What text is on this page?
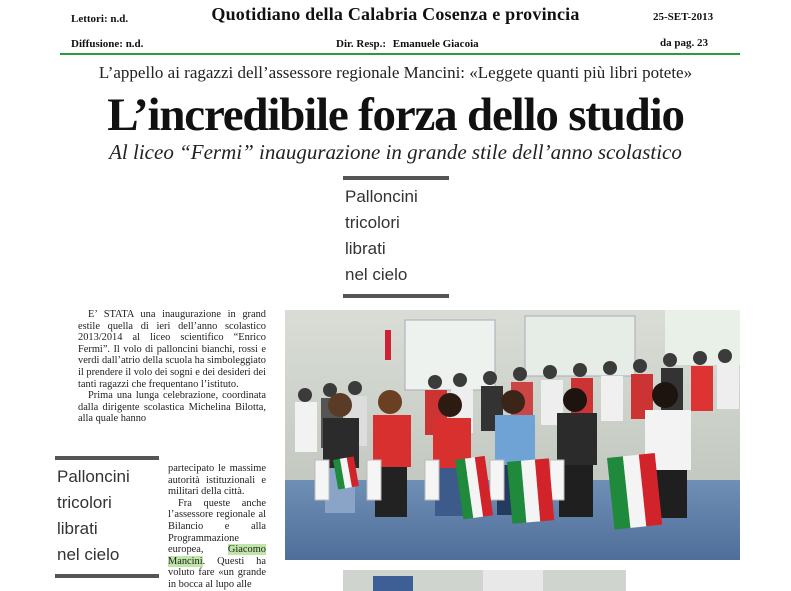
Lettori: n.d.	Quotidiano della Calabria Cosenza e provincia	25-SET-2013
Diffusione: n.d.	Dir. Resp.: Emanuele Giacoia	da pag. 23
L’appello ai ragazzi dell’assessore regionale Mancini: «Leggete quanti più libri potete»
L’incredibile forza dello studio
Al liceo “Fermi” inaugurazione in grande stile dell’anno scolastico
Palloncini
tricolori
librati
nel cielo
Palloncini
tricolori
librati
nel cielo

E’ STATA una inaugurazione in grand estile quella di ieri dell’anno scolastico 2013/2014 al liceo scientifico “Enrico Fermi”. Il volo di palloncini bianchi, rossi e verdi dall’atrio della scuola ha simboleggiato il prendere il volo dei sogni e dei desideri dei tanti ragazzi che frequentano l’istituto.

Prima una lunga celebrazione, coordinata dalla dirigente scolastica Michelina Bilotta, alla quale hanno

partecipato le massime autorità istituzionali e militari della città.

Fra queste anche l’assessore regionale al Bilancio e alla Programmazione europea, Giacomo Mancini. Questi ha voluto fare «un grande in bocca al lupo alle
